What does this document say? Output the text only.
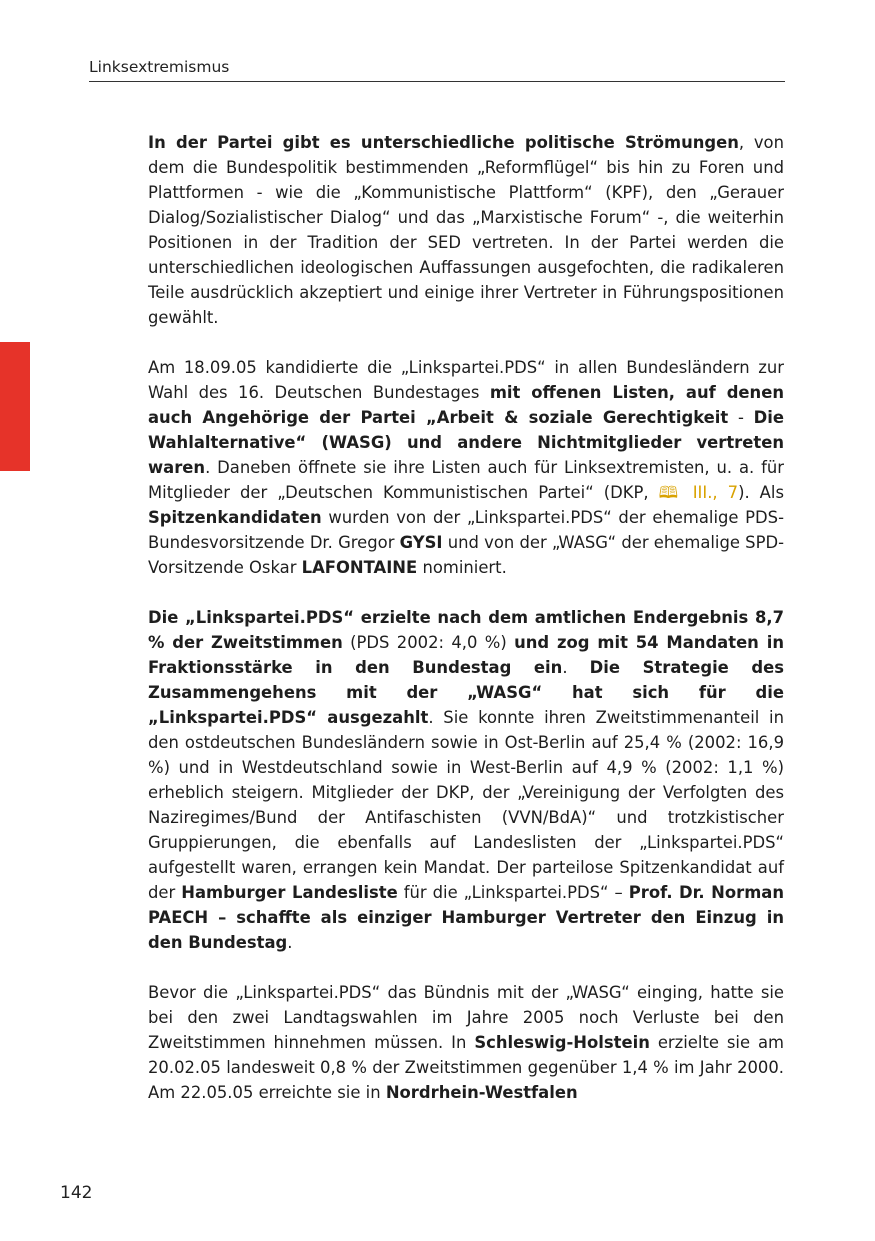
Linksextremismus

In der Partei gibt es unterschiedliche politische Strömungen, von dem die Bundespolitik bestimmenden „Reformflügel“ bis hin zu Foren und Plattformen - wie die „Kommunistische Plattform“ (KPF), den „Gerauer Dialog/Sozialistischer Dialog“ und das „Marxistische Forum“ -, die weiterhin Positionen in der Tradition der SED vertreten. In der Partei werden die unterschiedlichen ideologischen Auffassungen ausgefochten, die radikaleren Teile ausdrücklich akzeptiert und einige ihrer Vertreter in Führungspositionen gewählt.

Am 18.09.05 kandidierte die „Linkspartei.PDS“ in allen Bundesländern zur Wahl des 16. Deutschen Bundestages mit offenen Listen, auf denen auch Angehörige der Partei „Arbeit & soziale Gerechtigkeit - Die Wahlalternative“ (WASG) und andere Nichtmitglieder vertreten waren. Daneben öffnete sie ihre Listen auch für Linksextremisten, u. a. für Mitglieder der „Deutschen Kommunistischen Partei“ (DKP, 🕮 III., 7). Als Spitzenkandidaten wurden von der „Linkspartei.PDS“ der ehemalige PDS-Bundesvorsitzende Dr. Gregor GYSI und von der „WASG“ der ehemalige SPD-Vorsitzende Oskar LAFONTAINE nominiert.

Die „Linkspartei.PDS“ erzielte nach dem amtlichen Endergebnis 8,7 % der Zweitstimmen (PDS 2002: 4,0 %) und zog mit 54 Mandaten in Fraktionsstärke in den Bundestag ein. Die Strategie des Zusammengehens mit der „WASG“ hat sich für die „Linkspartei.PDS“ ausgezahlt. Sie konnte ihren Zweitstimmenanteil in den ostdeutschen Bundesländern sowie in Ost-Berlin auf 25,4 % (2002: 16,9 %) und in Westdeutschland sowie in West-Berlin auf 4,9 % (2002: 1,1 %) erheblich steigern. Mitglieder der DKP, der „Vereinigung der Verfolgten des Naziregimes/Bund der Antifaschisten (VVN/BdA)“ und trotzkistischer Gruppierungen, die ebenfalls auf Landeslisten der „Linkspartei.PDS“ aufgestellt waren, errangen kein Mandat. Der parteilose Spitzenkandidat auf der Hamburger Landesliste für die „Linkspartei.PDS“ – Prof. Dr. Norman PAECH – schaffte als einziger Hamburger Vertreter den Einzug in den Bundestag.

Bevor die „Linkspartei.PDS“ das Bündnis mit der „WASG“ einging, hatte sie bei den zwei Landtagswahlen im Jahre 2005 noch Verluste bei den Zweitstimmen hinnehmen müssen. In Schleswig-Holstein erzielte sie am 20.02.05 landesweit 0,8 % der Zweitstimmen gegenüber 1,4 % im Jahr 2000. Am 22.05.05 erreichte sie in Nordrhein-Westfalen

142
